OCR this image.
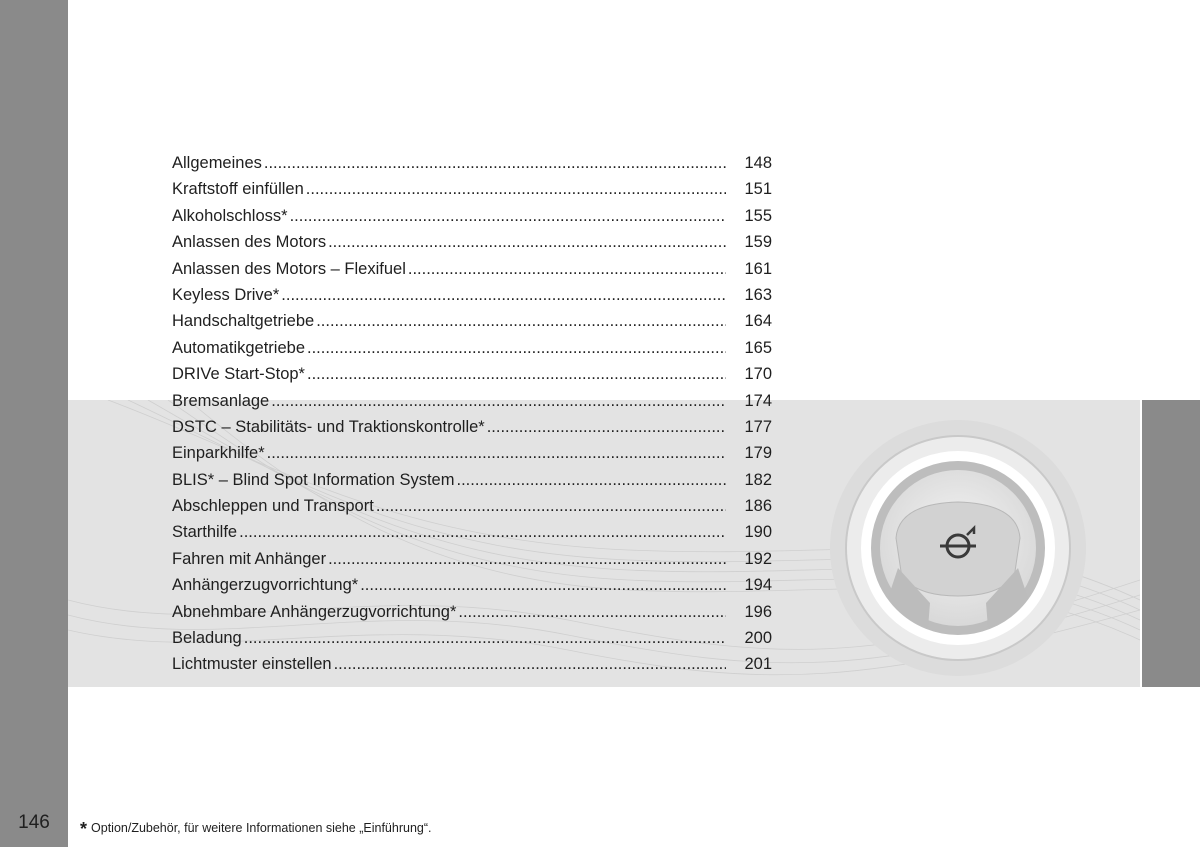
Allgemeines .....	148
Kraftstoff einfüllen .....	151
Alkoholschloss* .....	155
Anlassen des Motors .....	159
Anlassen des Motors – Flexifuel .....	161
Keyless Drive* .....	163
Handschaltgetriebe .....	164
Automatikgetriebe .....	165
DRIVe Start-Stop* .....	170
Bremsanlage .....	174
DSTC – Stabilitäts- und Traktionskontrolle* .....	177
Einparkhilfe* .....	179
BLIS* – Blind Spot Information System .....	182
Abschleppen und Transport .....	186
Starthilfe .....	190
Fahren mit Anhänger .....	192
Anhängerzugvorrichtung* .....	194
Abnehmbare Anhängerzugvorrichtung* .....	196
Beladung .....	200
Lichtmuster einstellen .....	201
146	* Option/Zubehör, für weitere Informationen siehe „Einführung“.
